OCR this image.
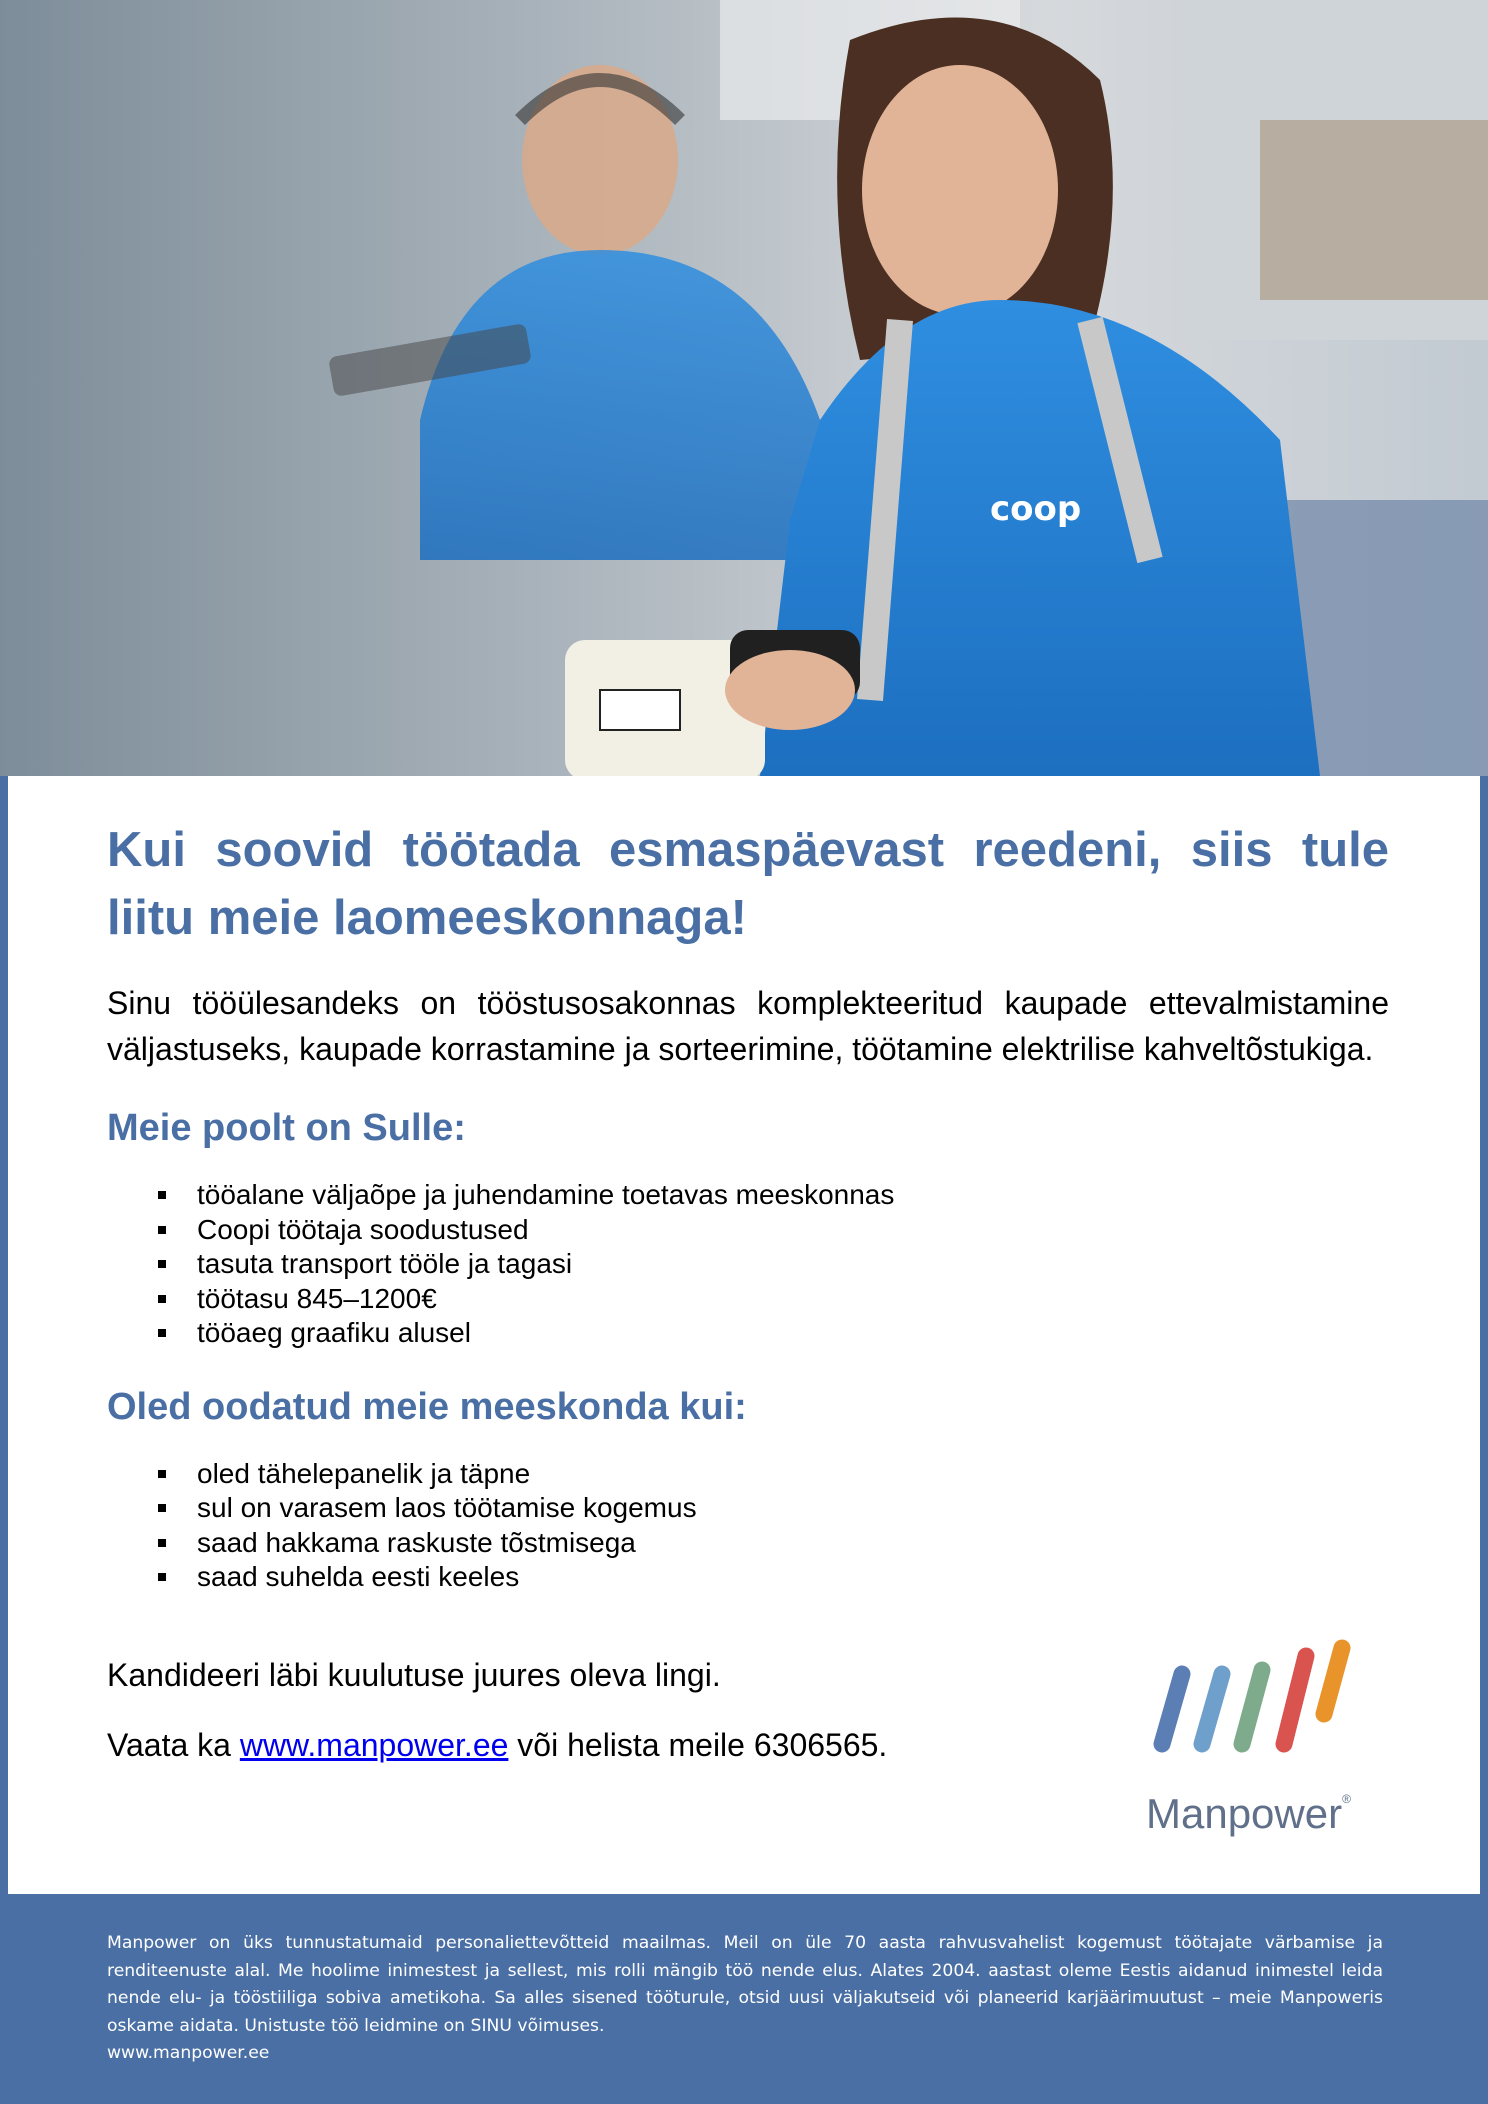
coop
Kui soovid töötada esmaspäevast reedeni, siis tule liitu meie laomeeskonnaga!

Sinu tööülesandeks on tööstusosakonnas komplekteeritud kaupade ettevalmistamine väljastuseks, kaupade korrastamine ja sorteerimine, töötamine elektrilise kahveltõstukiga.

Meie poolt on Sulle:
tööalane väljaõpe ja juhendamine toetavas meeskonnas
Coopi töötaja soodustused
tasuta transport tööle ja tagasi
töötasu 845–1200€
tööaeg graafiku alusel
Oled oodatud meie meeskonda kui:
oled tähelepanelik ja täpne
sul on varasem laos töötamise kogemus
saad hakkama raskuste tõstmisega
saad suhelda eesti keeles

Kandideeri läbi kuulutuse juures oleva lingi.

Vaata ka www.manpower.ee või helista meile 6306565.

Manpower®

Manpower on üks tunnustatumaid personaliettevõtteid maailmas. Meil on üle 70 aasta rahvusvahelist kogemust töötajate värbamise ja renditeenuste alal. Me hoolime inimestest ja sellest, mis rolli mängib töö nende elus. Alates 2004. aastast oleme Eestis aidanud inimestel leida nende elu- ja tööstiiliga sobiva ametikoha. Sa alles sisened tööturule, otsid uusi väljakutseid või planeerid karjäärimuutust – meie Manpoweris oskame aidata. Unistuste töö leidmine on SINU võimuses.

www.manpower.ee
